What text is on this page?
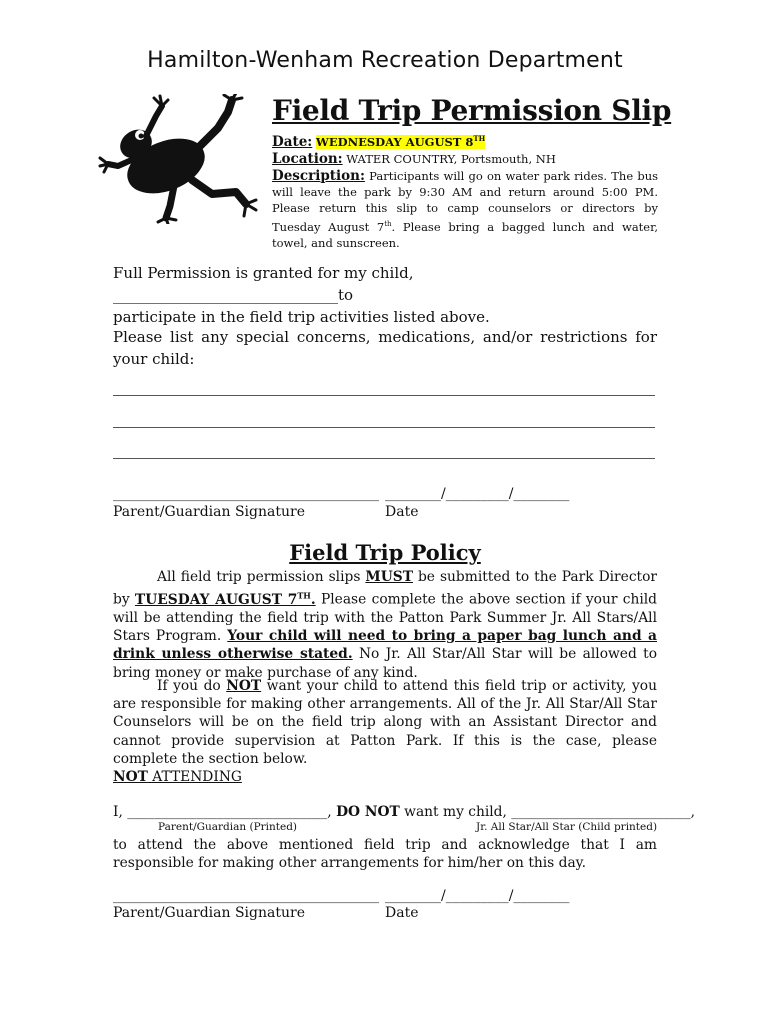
Hamilton-Wenham Recreation Department
Field Trip Permission Slip
Date: WEDNESDAY AUGUST 8TH
Location: WATER COUNTRY, Portsmouth, NH
Description: Participants will go on water park rides. The bus will leave the park by 9:30 AM and return around 5:00 PM. Please return this slip to camp counselors or directors by Tuesday August 7th. Please bring a bagged lunch and water, towel, and sunscreen.
Full Permission is granted for my child, ______________________________to
participate in the field trip activities listed above.
Please list any special concerns, medications, and/or restrictions for your child:
______________________________________ ________/_________/________
Parent/Guardian Signature	Date
Field Trip Policy
All field trip permission slips MUST be submitted to the Park Director by TUESDAY AUGUST 7TH. Please complete the above section if your child will be attending the field trip with the Patton Park Summer Jr. All Stars/All Stars Program. Your child will need to bring a paper bag lunch and a drink unless otherwise stated. No Jr. All Star/All Star will be allowed to bring money or make purchase of any kind.
If you do NOT want your child to attend this field trip or activity, you are responsible for making other arrangements. All of the Jr. All Star/All Star Counselors will be on the field trip along with an Assistant Director and cannot provide supervision at Patton Park. If this is the case, please complete the section below.
NOT ATTENDING
I, _____________________________, DO NOT want my child, __________________________,
Parent/Guardian (Printed)	Jr. All Star/All Star (Child printed)
to attend the above mentioned field trip and acknowledge that I am responsible for making other arrangements for him/her on this day.
______________________________________ ________/_________/________
Parent/Guardian Signature	Date
